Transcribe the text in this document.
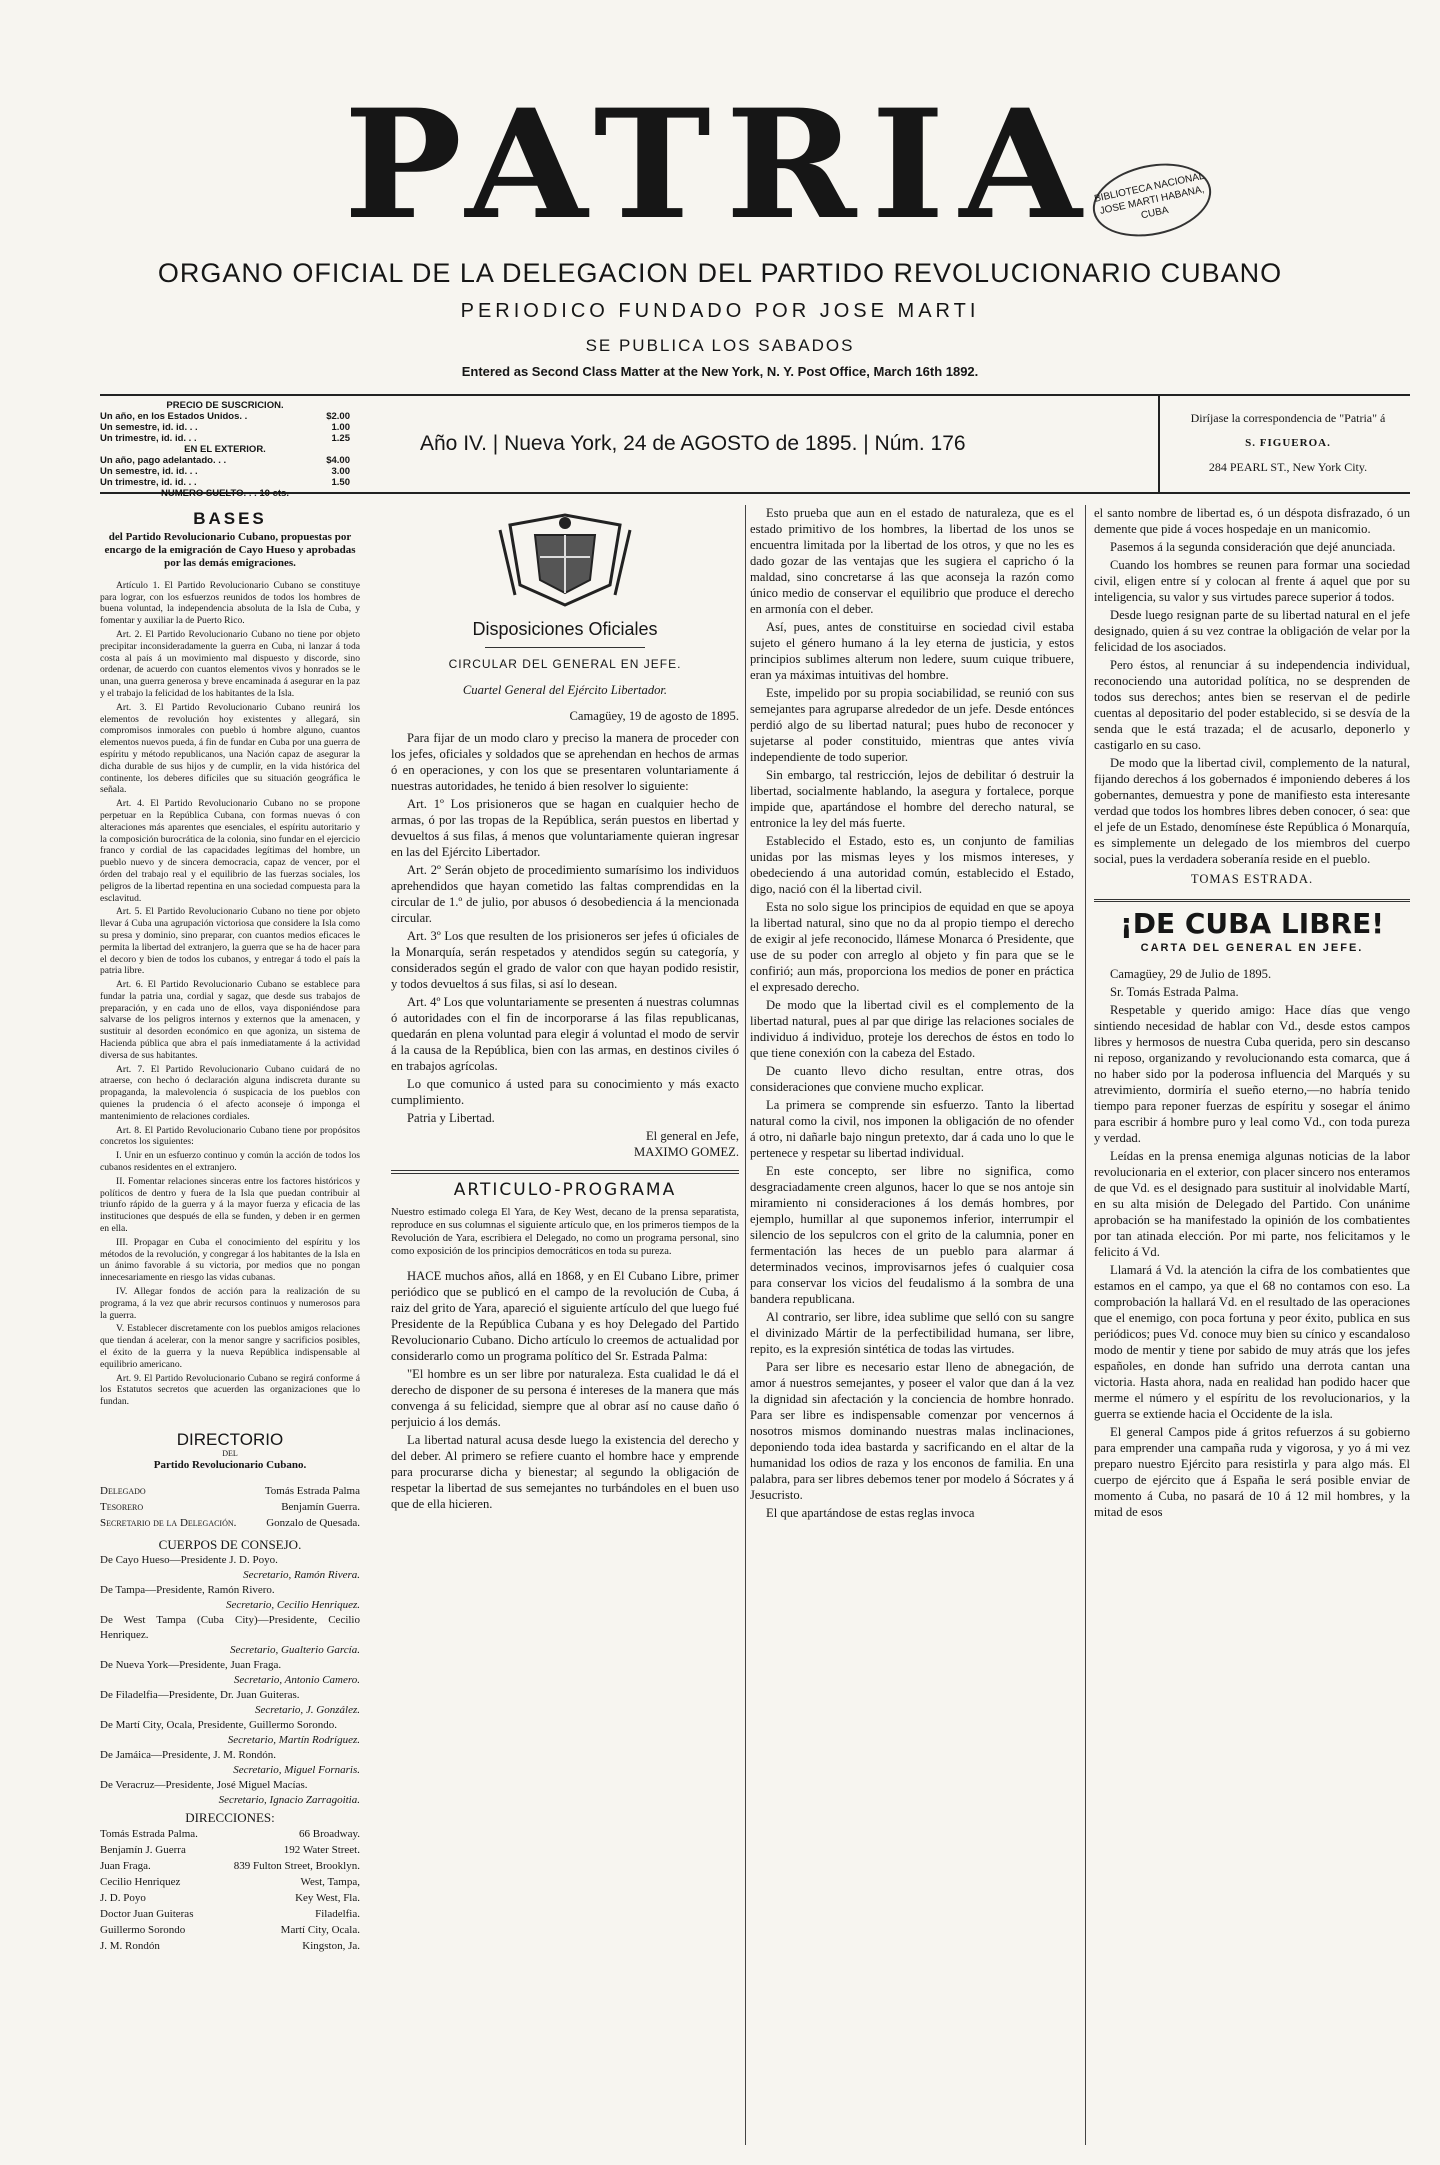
PATRIA
BIBLIOTECA NACIONAL JOSE MARTI HABANA, CUBA
ORGANO OFICIAL DE LA DELEGACION DEL PARTIDO REVOLUCIONARIO CUBANO
PERIODICO FUNDADO POR JOSE MARTI
SE PUBLICA LOS SABADOS
Entered as Second Class Matter at the New York, N. Y. Post Office, March 16th 1892.
PRECIO DE SUSCRICION.
Un año, en los Estados Unidos. .	$2.00
Un semestre, id. id. . .	1.00
Un trimestre, id. id. . .	1.25
EN EL EXTERIOR.
Un año, pago adelantado. . .	$4.00
Un semestre, id. id. . .	3.00
Un trimestre, id. id. . .	1.50
NUMERO SUELTO. . . 10 cts.
Año IV. | Nueva York, 24 de AGOSTO de 1895. | Núm. 176
Diríjase la correspondencia de "Patria" á
S. FIGUEROA.
284 PEARL ST., New York City.
BASES
del Partido Revolucionario Cubano, propuestas por encargo de la emigración de Cayo Hueso y aprobadas por las demás emigraciones.

Artículo 1. El Partido Revolucionario Cubano se constituye para lograr, con los esfuerzos reunidos de todos los hombres de buena voluntad, la independencia absoluta de la Isla de Cuba, y fomentar y auxiliar la de Puerto Rico.

Art. 2. El Partido Revolucionario Cubano no tiene por objeto precipitar inconsideradamente la guerra en Cuba, ni lanzar á toda costa al país á un movimiento mal dispuesto y discorde, sino ordenar, de acuerdo con cuantos elementos vivos y honrados se le unan, una guerra generosa y breve encaminada á asegurar en la paz y el trabajo la felicidad de los habitantes de la Isla.

Art. 3. El Partido Revolucionario Cubano reunirá los elementos de revolución hoy existentes y allegará, sin compromisos inmorales con pueblo ú hombre alguno, cuantos elementos nuevos pueda, á fin de fundar en Cuba por una guerra de espíritu y método republicanos, una Nación capaz de asegurar la dicha durable de sus hijos y de cumplir, en la vida histórica del continente, los deberes difíciles que su situación geográfica le señala.

Art. 4. El Partido Revolucionario Cubano no se propone perpetuar en la República Cubana, con formas nuevas ó con alteraciones más aparentes que esenciales, el espíritu autoritario y la composición burocrática de la colonia, sino fundar en el ejercicio franco y cordial de las capacidades legítimas del hombre, un pueblo nuevo y de sincera democracia, capaz de vencer, por el órden del trabajo real y el equilibrio de las fuerzas sociales, los peligros de la libertad repentina en una sociedad compuesta para la esclavitud.

Art. 5. El Partido Revolucionario Cubano no tiene por objeto llevar á Cuba una agrupación victoriosa que considere la Isla como su presa y dominio, sino preparar, con cuantos medios eficaces le permita la libertad del extranjero, la guerra que se ha de hacer para el decoro y bien de todos los cubanos, y entregar á todo el país la patria libre.

Art. 6. El Partido Revolucionario Cubano se establece para fundar la patria una, cordial y sagaz, que desde sus trabajos de preparación, y en cada uno de ellos, vaya disponiéndose para salvarse de los peligros internos y externos que la amenacen, y sustituir al desorden económico en que agoniza, un sistema de Hacienda pública que abra el país inmediatamente á la actividad diversa de sus habitantes.

Art. 7. El Partido Revolucionario Cubano cuidará de no atraerse, con hecho ó declaración alguna indiscreta durante su propaganda, la malevolencia ó suspicacia de los pueblos con quienes la prudencia ó el afecto aconseje ó imponga el mantenimiento de relaciones cordiales.

Art. 8. El Partido Revolucionario Cubano tiene por propósitos concretos los siguientes:

I. Unir en un esfuerzo continuo y común la acción de todos los cubanos residentes en el extranjero.

II. Fomentar relaciones sinceras entre los factores históricos y políticos de dentro y fuera de la Isla que puedan contribuir al triunfo rápido de la guerra y á la mayor fuerza y eficacia de las instituciones que después de ella se funden, y deben ir en germen en ella.

III. Propagar en Cuba el conocimiento del espíritu y los métodos de la revolución, y congregar á los habitantes de la Isla en un ánimo favorable á su victoria, por medios que no pongan innecesariamente en riesgo las vidas cubanas.

IV. Allegar fondos de acción para la realización de su programa, á la vez que abrir recursos continuos y numerosos para la guerra.

V. Establecer discretamente con los pueblos amigos relaciones que tiendan á acelerar, con la menor sangre y sacrificios posibles, el éxito de la guerra y la nueva República indispensable al equilibrio americano.

Art. 9. El Partido Revolucionario Cubano se regirá conforme á los Estatutos secretos que acuerden las organizaciones que lo fundan.

DIRECTORIO
DEL
Partido Revolucionario Cubano.
Delegado	Tomás Estrada Palma
Tesorero	Benjamín Guerra.
Secretario de la Delegación.	Gonzalo de Quesada.
CUERPOS DE CONSEJO.
De Cayo Hueso—Presidente J. D. Poyo.
Secretario, Ramón Rivera.
De Tampa—Presidente, Ramón Rivero.
Secretario, Cecilio Henriquez.
De West Tampa (Cuba City)—Presidente, Cecilio Henriquez.
Secretario, Gualterio García.
De Nueva York—Presidente, Juan Fraga.
Secretario, Antonio Camero.
De Filadelfia—Presidente, Dr. Juan Guiteras.
Secretario, J. González.
De Martí City, Ocala, Presidente, Guillermo Sorondo.
Secretario, Martín Rodríguez.
De Jamáica—Presidente, J. M. Rondón.
Secretario, Miguel Fornaris.
De Veracruz—Presidente, José Miguel Macías.
Secretario, Ignacio Zarragoitia.
DIRECCIONES:
Tomás Estrada Palma.	66 Broadway.
Benjamín J. Guerra	192 Water Street.
Juan Fraga.	839 Fulton Street, Brooklyn.
Cecilio Henriquez	West, Tampa,
J. D. Poyo	Key West, Fla.
Doctor Juan Guiteras	Filadelfia.
Guillermo Sorondo	Martí City, Ocala.
J. M. Rondón	Kingston, Ja.
Disposiciones Oficiales
CIRCULAR DEL GENERAL EN JEFE.
Cuartel General del Ejército Libertador.
Camagüey, 19 de agosto de 1895.

Para fijar de un modo claro y preciso la manera de proceder con los jefes, oficiales y soldados que se aprehendan en hechos de armas ó en operaciones, y con los que se presentaren voluntariamente á nuestras autoridades, he tenido á bien resolver lo siguiente:

Art. 1º Los prisioneros que se hagan en cualquier hecho de armas, ó por las tropas de la República, serán puestos en libertad y devueltos á sus filas, á menos que voluntariamente quieran ingresar en las del Ejército Libertador.

Art. 2º Serán objeto de procedimiento sumarísimo los individuos aprehendidos que hayan cometido las faltas comprendidas en la circular de 1.º de julio, por abusos ó desobediencia á la mencionada circular.

Art. 3º Los que resulten de los prisioneros ser jefes ú oficiales de la Monarquía, serán respetados y atendidos según su categoría, y considerados según el grado de valor con que hayan podido resistir, y todos devueltos á sus filas, si así lo desean.

Art. 4º Los que voluntariamente se presenten á nuestras columnas ó autoridades con el fin de incorporarse á las filas republicanas, quedarán en plena voluntad para elegir á voluntad el modo de servir á la causa de la República, bien con las armas, en destinos civiles ó en trabajos agrícolas.

Lo que comunico á usted para su conocimiento y más exacto cumplimiento.

Patria y Libertad.

El general en Jefe,
MAXIMO GOMEZ.
ARTICULO-PROGRAMA
Nuestro estimado colega El Yara, de Key West, decano de la prensa separatista, reproduce en sus columnas el siguiente artículo que, en los primeros tiempos de la Revolución de Yara, escribiera el Delegado, no como un programa personal, sino como exposición de los principios democráticos en toda su pureza.

HACE muchos años, allá en 1868, y en El Cubano Libre, primer periódico que se publicó en el campo de la revolución de Cuba, á raiz del grito de Yara, apareció el siguiente artículo del que luego fué Presidente de la República Cubana y es hoy Delegado del Partido Revolucionario Cubano. Dicho artículo lo creemos de actualidad por considerarlo como un programa político del Sr. Estrada Palma:

"El hombre es un ser libre por naturaleza. Esta cualidad le dá el derecho de disponer de su persona é intereses de la manera que más convenga á su felicidad, siempre que al obrar así no cause daño ó perjuicio á los demás.

La libertad natural acusa desde luego la existencia del derecho y del deber. Al primero se refiere cuanto el hombre hace y emprende para procurarse dicha y bienestar; al segundo la obligación de respetar la libertad de sus semejantes no turbándoles en el buen uso que de ella hicieren.

Esto prueba que aun en el estado de naturaleza, que es el estado primitivo de los hombres, la libertad de los unos se encuentra limitada por la libertad de los otros, y que no les es dado gozar de las ventajas que les sugiera el capricho ó la maldad, sino concretarse á las que aconseja la razón como único medio de conservar el equilibrio que produce el derecho en armonía con el deber.

Así, pues, antes de constituirse en sociedad civil estaba sujeto el género humano á la ley eterna de justicia, y estos principios sublimes alterum non ledere, suum cuique tribuere, eran ya máximas intuitivas del hombre.

Este, impelido por su propia sociabilidad, se reunió con sus semejantes para agruparse alrededor de un jefe. Desde entónces perdió algo de su libertad natural; pues hubo de reconocer y sujetarse al poder constituido, mientras que antes vivía independiente de todo superior.

Sin embargo, tal restricción, lejos de debilitar ó destruir la libertad, socialmente hablando, la asegura y fortalece, porque impide que, apartándose el hombre del derecho natural, se entronice la ley del más fuerte.

Establecido el Estado, esto es, un conjunto de familias unidas por las mismas leyes y los mismos intereses, y obedeciendo á una autoridad común, establecido el Estado, digo, nació con él la libertad civil.

Esta no solo sigue los principios de equidad en que se apoya la libertad natural, sino que no da al propio tiempo el derecho de exigir al jefe reconocido, llámese Monarca ó Presidente, que use de su poder con arreglo al objeto y fin para que se le confirió; aun más, proporciona los medios de poner en práctica el expresado derecho.

De modo que la libertad civil es el complemento de la libertad natural, pues al par que dirige las relaciones sociales de individuo á individuo, proteje los derechos de éstos en todo lo que tiene conexión con la cabeza del Estado.

De cuanto llevo dicho resultan, entre otras, dos consideraciones que conviene mucho explicar.

La primera se comprende sin esfuerzo. Tanto la libertad natural como la civil, nos imponen la obligación de no ofender á otro, ni dañarle bajo ningun pretexto, dar á cada uno lo que le pertenece y respetar su libertad individual.

En este concepto, ser libre no significa, como desgraciadamente creen algunos, hacer lo que se nos antoje sin miramiento ni consideraciones á los demás hombres, por ejemplo, humillar al que suponemos inferior, interrumpir el silencio de los sepulcros con el grito de la calumnia, poner en fermentación las heces de un pueblo para alarmar á determinados vecinos, improvisarnos jefes ó cualquier cosa para conservar los vicios del feudalismo á la sombra de una bandera republicana.

Al contrario, ser libre, idea sublime que selló con su sangre el divinizado Mártir de la perfectibilidad humana, ser libre, repito, es la expresión sintética de todas las virtudes.

Para ser libre es necesario estar lleno de abnegación, de amor á nuestros semejantes, y poseer el valor que dan á la vez la dignidad sin afectación y la conciencia de hombre honrado. Para ser libre es indispensable comenzar por vencernos á nosotros mismos dominando nuestras malas inclinaciones, deponiendo toda idea bastarda y sacrificando en el altar de la humanidad los odios de raza y los enconos de familia. En una palabra, para ser libres debemos tener por modelo á Sócrates y á Jesucristo.

El que apartándose de estas reglas invoca

el santo nombre de libertad es, ó un déspota disfrazado, ó un demente que pide á voces hospedaje en un manicomio.

Pasemos á la segunda consideración que dejé anunciada.

Cuando los hombres se reunen para formar una sociedad civil, eligen entre sí y colocan al frente á aquel que por su inteligencia, su valor y sus virtudes parece superior á todos.

Desde luego resignan parte de su libertad natural en el jefe designado, quien á su vez contrae la obligación de velar por la felicidad de los asociados.

Pero éstos, al renunciar á su independencia individual, reconociendo una autoridad política, no se desprenden de todos sus derechos; antes bien se reservan el de pedirle cuentas al depositario del poder establecido, si se desvía de la senda que le está trazada; el de acusarlo, deponerlo y castigarlo en su caso.

De modo que la libertad civil, complemento de la natural, fijando derechos á los gobernados é imponiendo deberes á los gobernantes, demuestra y pone de manifiesto esta interesante verdad que todos los hombres libres deben conocer, ó sea: que el jefe de un Estado, denomínese éste República ó Monarquía, es simplemente un delegado de los miembros del cuerpo social, pues la verdadera soberanía reside en el pueblo.

TOMAS ESTRADA.
¡DE CUBA LIBRE!
CARTA DEL GENERAL EN JEFE.

Camagüey, 29 de Julio de 1895.

Sr. Tomás Estrada Palma.

Respetable y querido amigo: Hace días que vengo sintiendo necesidad de hablar con Vd., desde estos campos libres y hermosos de nuestra Cuba querida, pero sin descanso ni reposo, organizando y revolucionando esta comarca, que á no haber sido por la poderosa influencia del Marqués y su atrevimiento, dormiría el sueño eterno,—no habría tenido tiempo para reponer fuerzas de espíritu y sosegar el ánimo para escribir á hombre puro y leal como Vd., con toda pureza y verdad.

Leídas en la prensa enemiga algunas noticias de la labor revolucionaria en el exterior, con placer sincero nos enteramos de que Vd. es el designado para sustituir al inolvidable Martí, en su alta misión de Delegado del Partido. Con unánime aprobación se ha manifestado la opinión de los combatientes por tan atinada elección. Por mi parte, nos felicitamos y le felicito á Vd.

Llamará á Vd. la atención la cifra de los combatientes que estamos en el campo, ya que el 68 no contamos con eso. La comprobación la hallará Vd. en el resultado de las operaciones que el enemigo, con poca fortuna y peor éxito, publica en sus periódicos; pues Vd. conoce muy bien su cínico y escandaloso modo de mentir y tiene por sabido de muy atrás que los jefes españoles, en donde han sufrido una derrota cantan una victoria. Hasta ahora, nada en realidad han podido hacer que merme el número y el espíritu de los revolucionarios, y la guerra se extiende hacia el Occidente de la isla.

El general Campos pide á gritos refuerzos á su gobierno para emprender una campaña ruda y vigorosa, y yo á mi vez preparo nuestro Ejército para resistirla y para algo más. El cuerpo de ejército que á España le será posible enviar de momento á Cuba, no pasará de 10 á 12 mil hombres, y la mitad de esos
